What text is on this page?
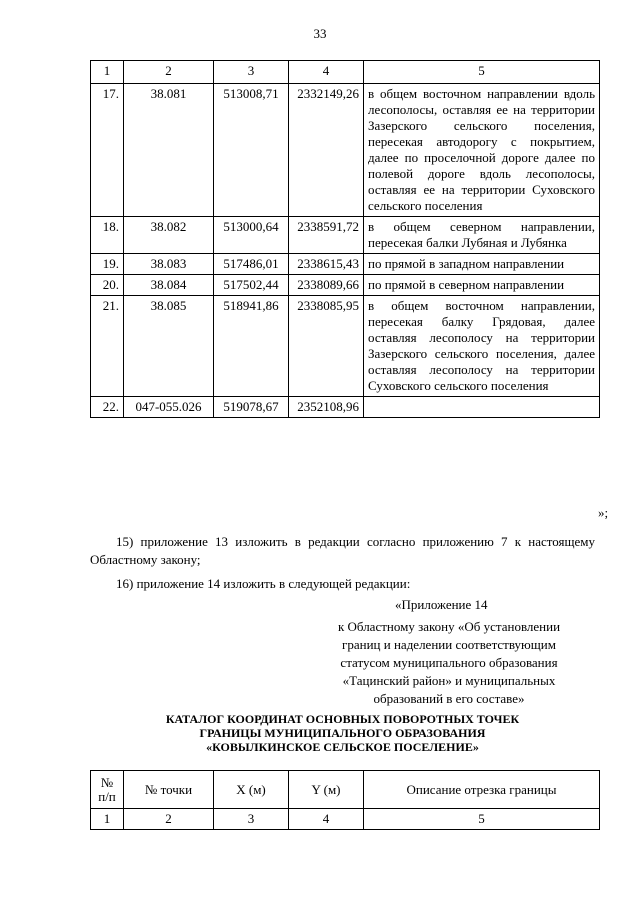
33
1	2	3	4	5
17.	38.081	513008,71	2332149,26	в общем восточном направлении вдоль лесополосы, оставляя ее на территории Зазерского сельского поселения, пересекая автодорогу с покрытием, далее по проселочной дороге далее по полевой дороге вдоль лесополосы, оставляя ее на территории Суховского сельского поселения
18.	38.082	513000,64	2338591,72	в общем северном направлении, пересекая балки Лубяная и Лубянка
19.	38.083	517486,01	2338615,43	по прямой в западном направлении
20.	38.084	517502,44	2338089,66	по прямой в северном направлении
21.	38.085	518941,86	2338085,95	в общем восточном направлении, пересекая балку Грядовая, далее оставляя лесополосу на территории Зазерского сельского поселения, далее оставляя лесополосу на территории Суховского сельского поселения
22.	047-055.026	519078,67	2352108,96	
»;
15) приложение 13 изложить в редакции согласно приложению 7 к настоящему Областному закону;
16) приложение 14 изложить в следующей редакции:
«Приложение 14
к Областному закону «Об установлении
границ и наделении соответствующим
статусом муниципального образования
«Тацинский район» и муниципальных
образований в его составе»
КАТАЛОГ КООРДИНАТ ОСНОВНЫХ ПОВОРОТНЫХ ТОЧЕК
ГРАНИЦЫ МУНИЦИПАЛЬНОГО ОБРАЗОВАНИЯ
«КОВЫЛКИНСКОЕ СЕЛЬСКОЕ ПОСЕЛЕНИЕ»
№
п/п	№ точки	X (м)	Y (м)	Описание отрезка границы
1	2	3	4	5
